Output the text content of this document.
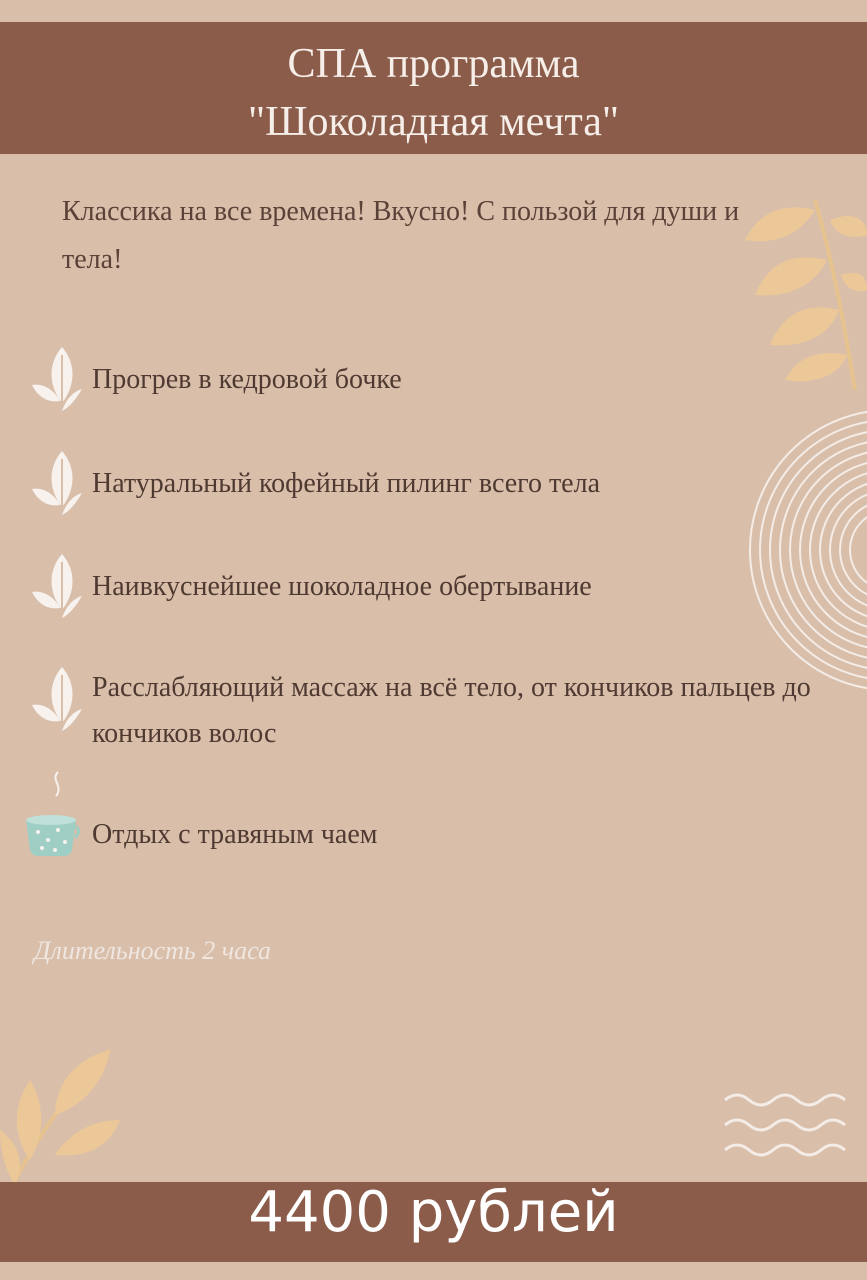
СПА программа
"Шоколадная мечта"
Классика на все времена! Вкусно! С пользой для души и тела!
Прогрев в кедровой бочке
Натуральный кофейный пилинг всего тела
Наивкуснейшее шоколадное обертывание
Расслабляющий массаж на всё тело, от кончиков пальцев до кончиков волос
Отдых с травяным чаем
Длительность 2 часа
4400 рублей
